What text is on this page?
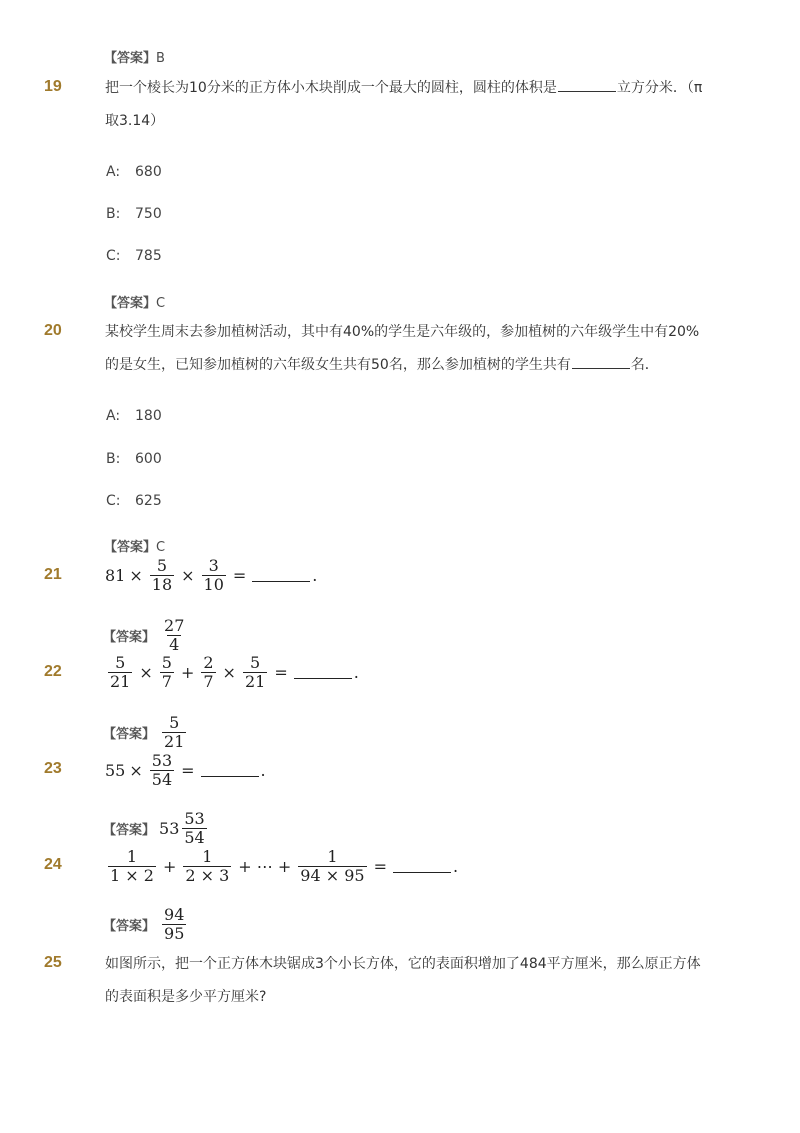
【答案】B
19	把一个棱长为10分米的正方体小木块削成一个最大的圆柱，圆柱的体积是	立方分米．（π
取3.14）
A: 680
B: 750
C: 785
【答案】C
20	某校学生周末去参加植树活动，其中有40%的学生是六年级的，参加植树的六年级学生中有20%
的是女生，已知参加植树的六年级女生共有50名，那么参加植树的学生共有	名．
A: 180
B: 600
C: 625
【答案】C
21	$81 \times \frac{5}{18} \times \frac{3}{10}$ =	.
【答案】 $\frac{27}{4}$
22	$\frac{5}{21} \times \frac{5}{7} + \frac{2}{7} \times \frac{5}{21}$ =	.
【答案】 $\frac{5}{21}$
23	$55 \times \frac{53}{54}$ =	.
【答案】 $53 \frac{53}{54}$
24	$\frac{1}{1 \times 2} + \frac{1}{2 \times 3}$ + ⋯ + $\frac{1}{94 \times 95}$ =	.
【答案】 $\frac{94}{95}$
25	如图所示，把一个正方体木块锯成3个小长方体，它的表面积增加了484平方厘米，那么原正方体
的表面积是多少平方厘米?
